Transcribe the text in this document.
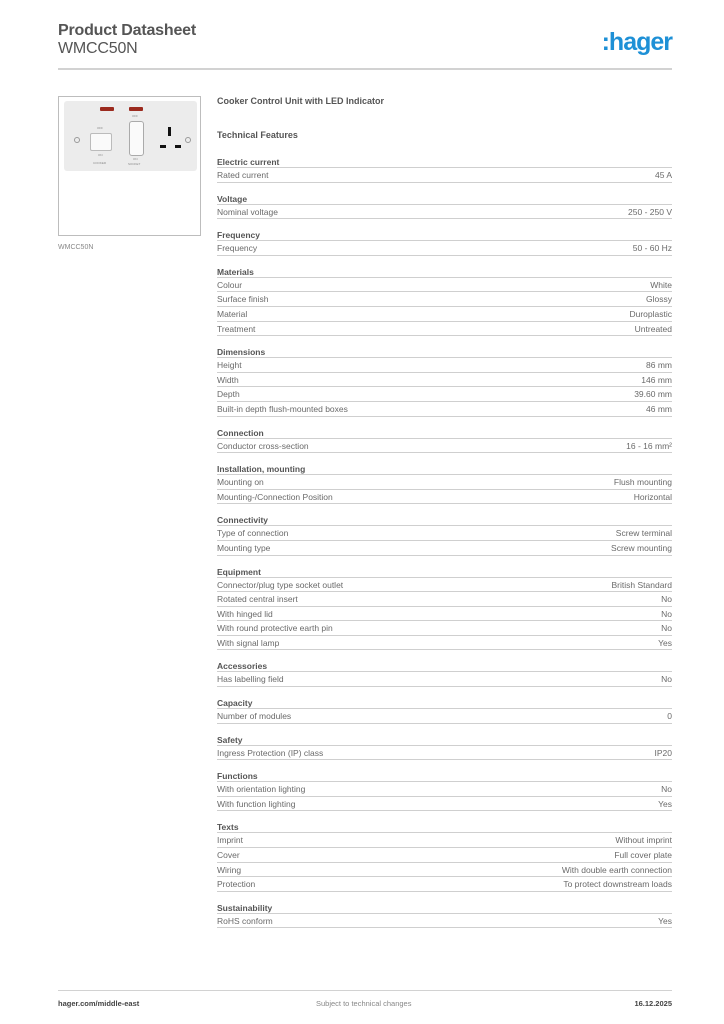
Product Datasheet
WMCC50N	:hager
OFF
ON
COOKER
OFF
ON
SOCKET
WMCC50N
Cooker Control Unit with LED Indicator
Technical Features
Electric current
Rated current	45 A
Voltage
Nominal voltage	250 - 250 V
Frequency
Frequency	50 - 60 Hz
Materials
Colour	White
Surface finish	Glossy
Material	Duroplastic
Treatment	Untreated
Dimensions
Height	86 mm
Width	146 mm
Depth	39.60 mm
Built-in depth flush-mounted boxes	46 mm
Connection
Conductor cross-section	16 - 16 mm²
Installation, mounting
Mounting on	Flush mounting
Mounting-/Connection Position	Horizontal
Connectivity
Type of connection	Screw terminal
Mounting type	Screw mounting
Equipment
Connector/plug type socket outlet	British Standard
Rotated central insert	No
With hinged lid	No
With round protective earth pin	No
With signal lamp	Yes
Accessories
Has labelling field	No
Capacity
Number of modules	0
Safety
Ingress Protection (IP) class	IP20
Functions
With orientation lighting	No
With function lighting	Yes
Texts
Imprint	Without imprint
Cover	Full cover plate
Wiring	With double earth connection
Protection	To protect downstream loads
Sustainability
RoHS conform	Yes
hager.com/middle-east	Subject to technical changes	16.12.2025
